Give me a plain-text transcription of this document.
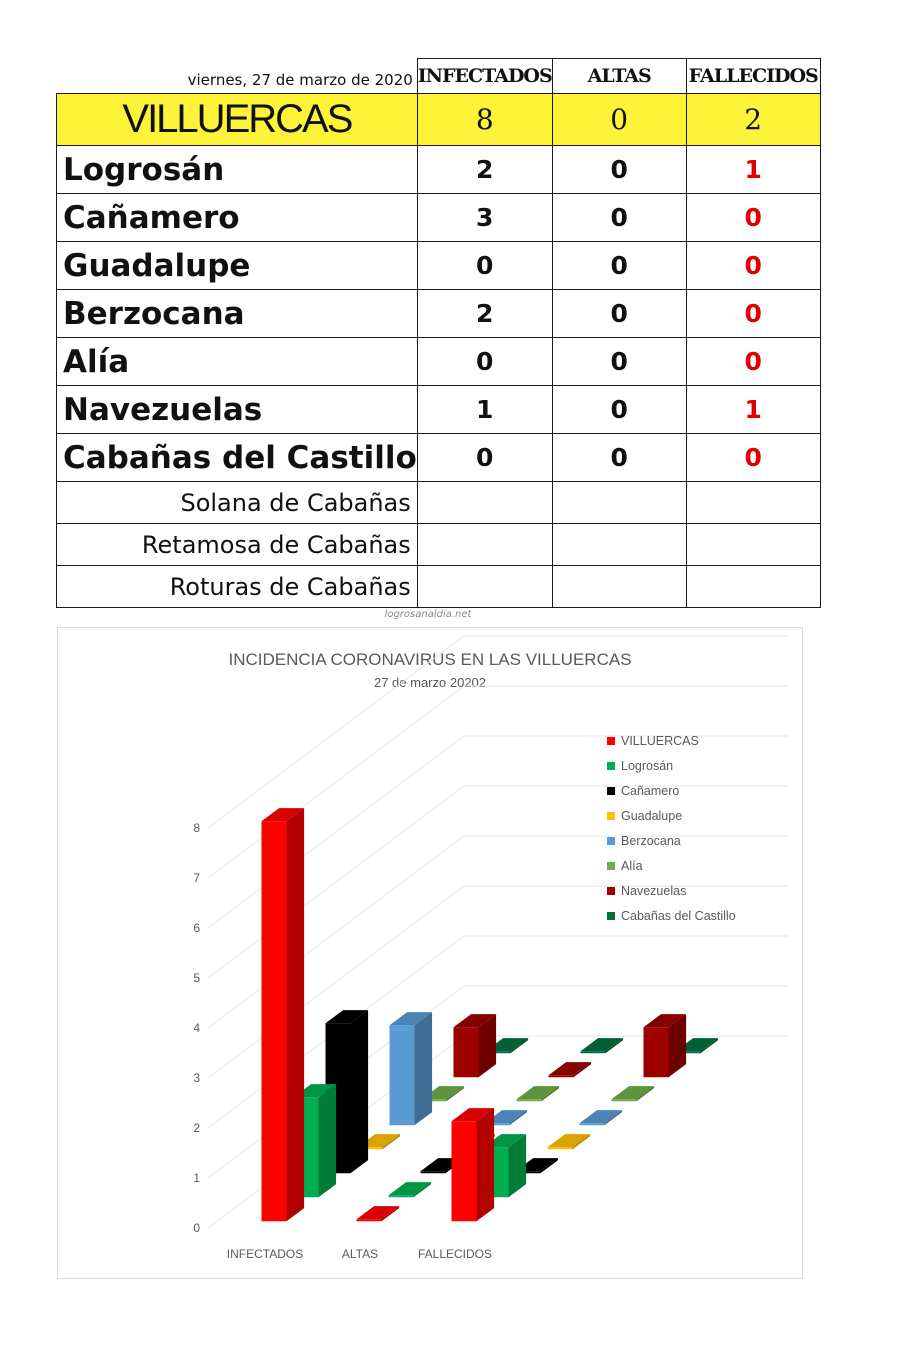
viernes, 27 de marzo de 2020	INFECTADOS	ALTAS	FALLECIDOS
VILLUERCAS	8	0	2
Logrosán	2	0	1
Cañamero	3	0	0
Guadalupe	0	0	0
Berzocana	2	0	0
Alía	0	0	0
Navezuelas	1	0	1
Cabañas del Castillo	0	0	0
Solana de Cabañas			
Retamosa de Cabañas			
Roturas de Cabañas			
logrosanaldia.net
INCIDENCIA CORONAVIRUS EN LAS VILLUERCAS
27 de marzo 20202
0
1
2
3
4
5
6
7
8
INFECTADOS	ALTAS	FALLECIDOS
VILLUERCAS
Logrosán
Cañamero
Guadalupe
Berzocana
Alía
Navezuelas
Cabañas del Castillo
